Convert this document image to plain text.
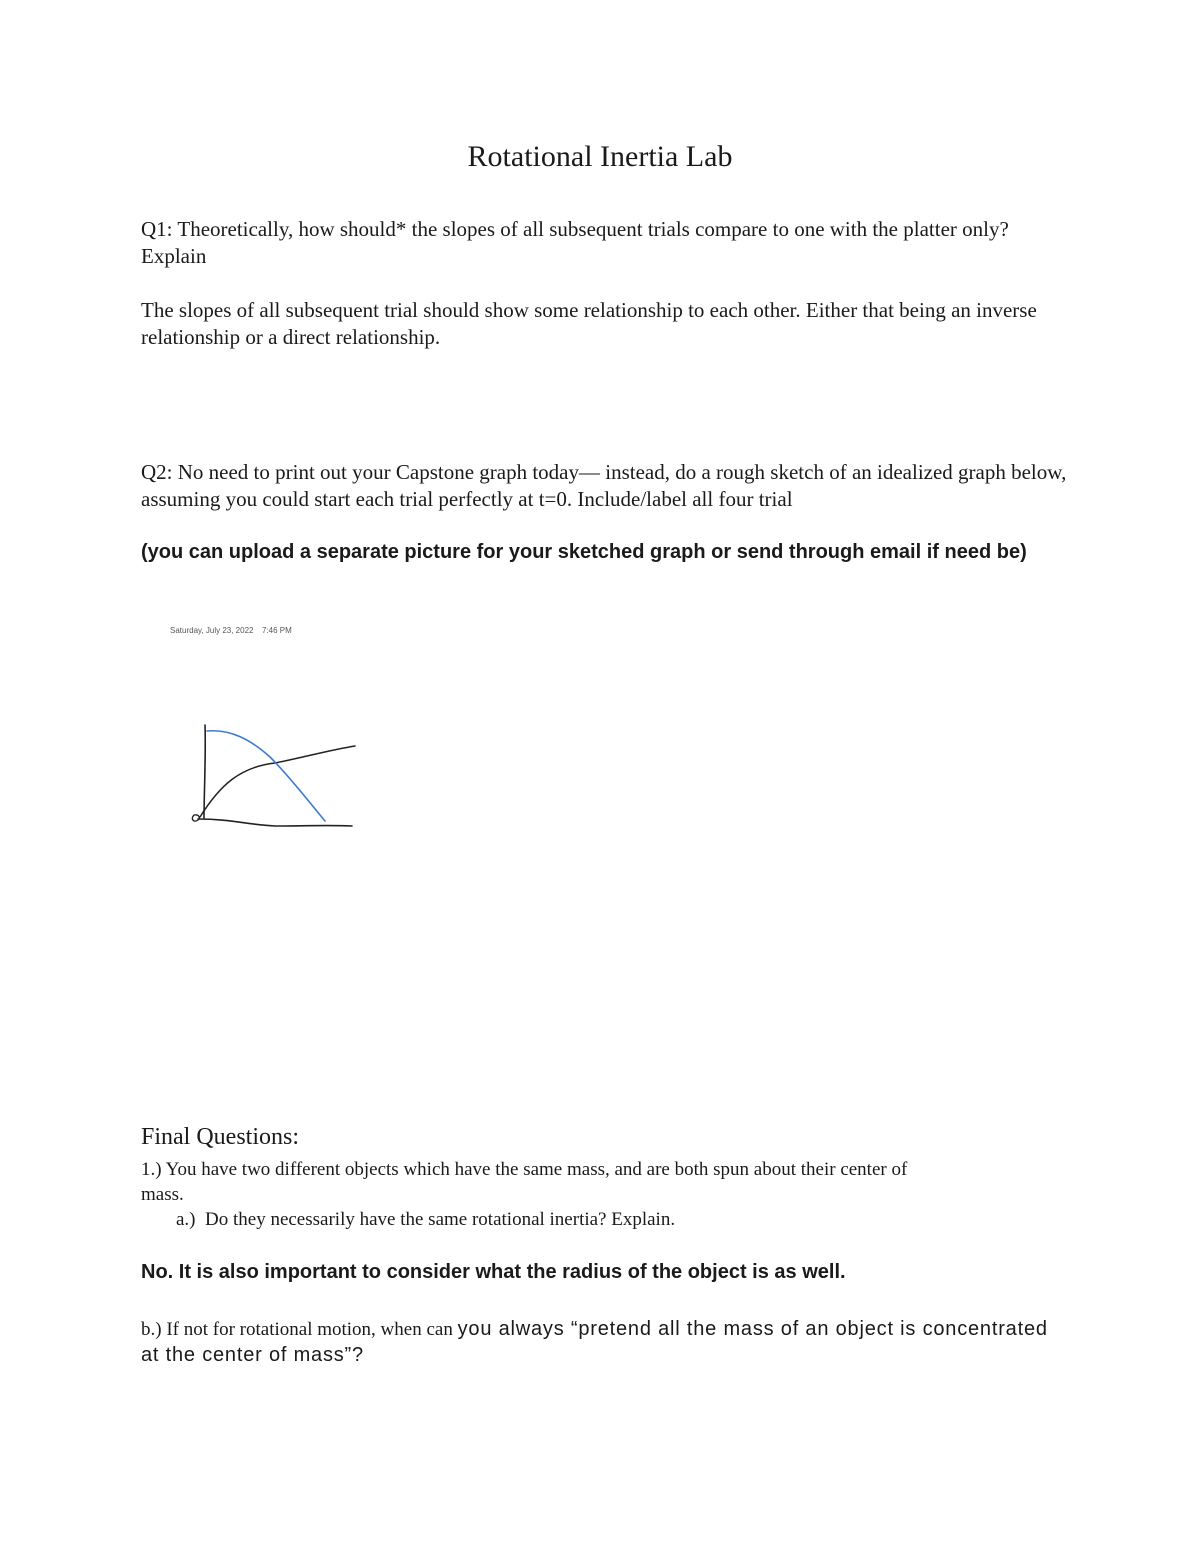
Rotational Inertia Lab

Q1: Theoretically, how should* the slopes of all subsequent trials compare to one with the platter only? Explain

The slopes of all subsequent trial should show some relationship to each other. Either that being an inverse relationship or a direct relationship.

Q2: No need to print out your Capstone graph today— instead, do a rough sketch of an idealized graph below, assuming you could start each trial perfectly at t=0. Include/label all four trial

(you can upload a separate picture for your sketched graph or send through email if need be)

Saturday, July 23, 2022 7:46 PM
Final Questions:

1.) You have two different objects which have the same mass, and are both spun about their center of mass.

a.)  Do they necessarily have the same rotational inertia? Explain.
No. It is also important to consider what the radius of the object is as well.

b.) If not for rotational motion, when can you always “pretend all the mass of an object is concentrated at the center of mass”?
